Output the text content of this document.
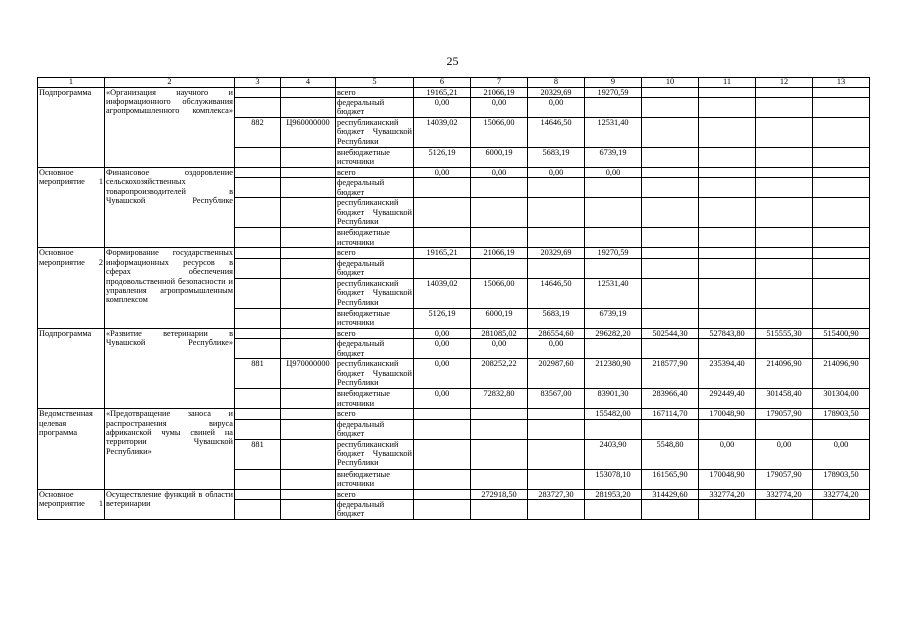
25
1	2	3	4	5	6	7	8	9	10	11	12	13
Подпрограмма	«Организация научного и информационного обслуживания агропромышленного комплекса»			всего	19165,21	21066,19	20329,69	19270,59				
				федеральный бюджет	0,00	0,00	0,00					
		882	Ц960000000	республиканский бюджет Чувашской Республики	14039,02	15066,00	14646,50	12531,40				
				внебюджетные источники	5126,19	6000,19	5683,19	6739,19				
Основное мероприятие 1	Финансовое оздоровление сельскохозяйственных товаропроизводителей в Чувашской Республике			всего	0,00	0,00	0,00	0,00				
				федеральный бюджет								
				республиканский бюджет Чувашской Республики								
				внебюджетные источники								
Основное мероприятие 2	Формирование государственных информационных ресурсов в сферах обеспечения продовольственной безопасности и управления агропромышленным комплексом			всего	19165,21	21066,19	20329,69	19270,59				
				федеральный бюджет								
				республиканский бюджет Чувашской Республики	14039,02	15066,00	14646,50	12531,40				
				внебюджетные источники	5126,19	6000,19	5683,19	6739,19				
Подпрограмма	«Развитие ветеринарии в Чувашской Республике»			всего	0,00	281085,02	286554,60	296282,20	502544,30	527843,80	515555,30	515400,90
				федеральный бюджет	0,00	0,00	0,00					
		881	Ц970000000	республиканский бюджет Чувашской Республики	0,00	208252,22	202987,60	212380,90	218577,90	235394,40	214096,90	214096,90
				внебюджетные источники	0,00	72832,80	83567,00	83901,30	283966,40	292449,40	301458,40	301304,00
Ведомственная целевая программа	«Предотвращение заноса и распространения вируса африканской чумы свиней на территории Чувашской Республики»			всего				155482,00	167114,70	170048,90	179057,90	178903,50
				федеральный бюджет								
		881		республиканский бюджет Чувашской Республики				2403,90	5548,80	0,00	0,00	0,00
				внебюджетные источники				153078,10	161565,90	170048,90	179057,90	178903,50
Основное мероприятие 1	Осуществление функций в области ветеринарии			всего		272918,50	283727,30	281953,20	314429,60	332774,20	332774,20	332774,20
				федеральный бюджет								
